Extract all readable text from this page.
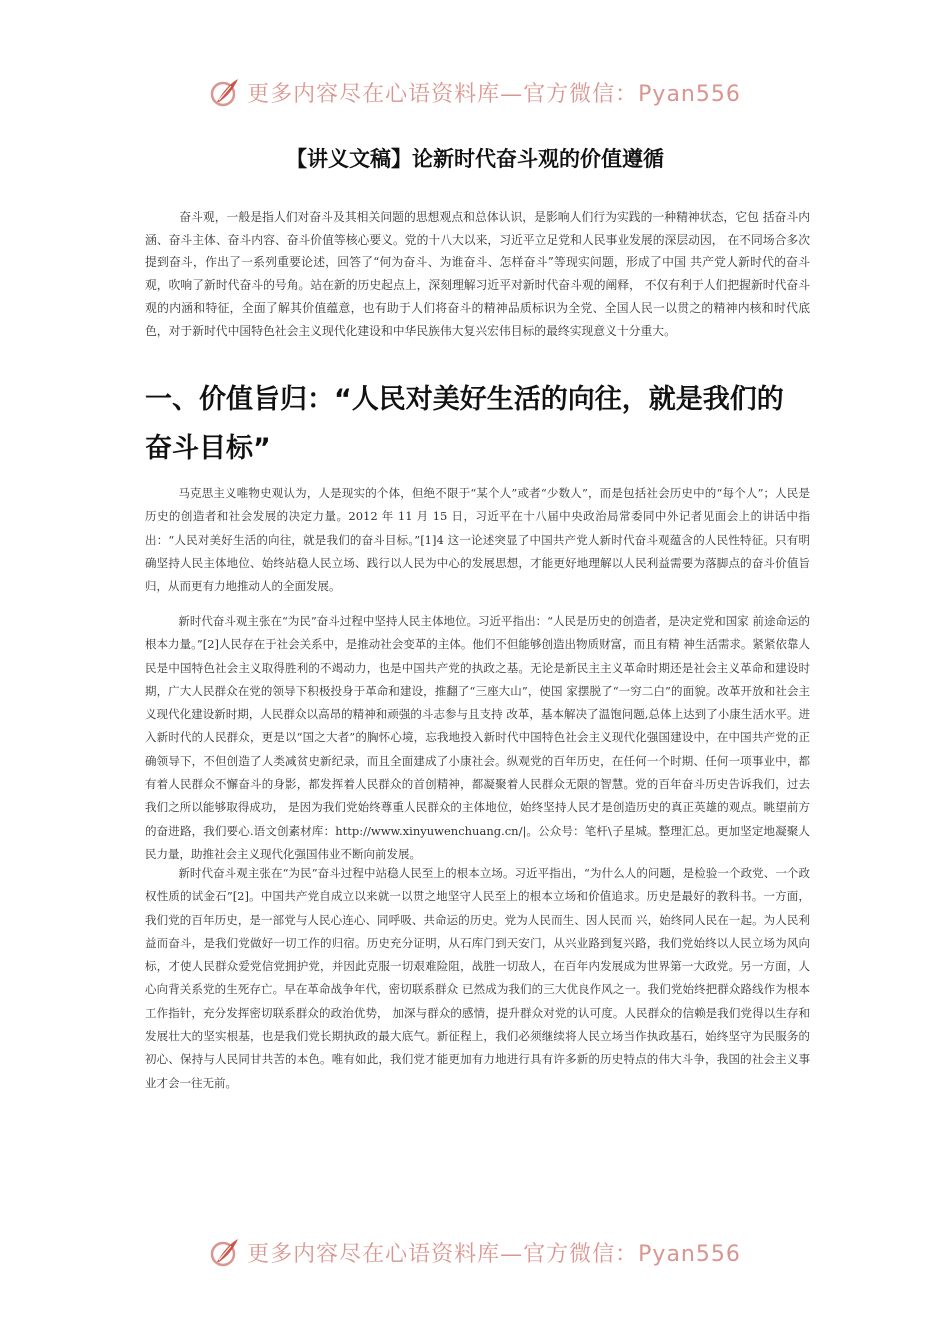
更多内容尽在心语资料库—官方微信：Pyan556
【讲义文稿】论新时代奋斗观的价值遵循

奋斗观，一般是指人们对奋斗及其相关问题的思想观点和总体认识，是影响人们行为实践的一种精神状态，它包 括奋斗内涵、奋斗主体、奋斗内容、奋斗价值等核心要义。党的十八大以来，习近平立足党和人民事业发展的深层动因， 在不同场合多次提到奋斗，作出了一系列重要论述，回答了“何为奋斗、为谁奋斗、怎样奋斗”等现实问题，形成了中国 共产党人新时代的奋斗观，吹响了新时代奋斗的号角。站在新的历史起点上，深刻理解习近平对新时代奋斗观的阐释， 不仅有利于人们把握新时代奋斗观的内涵和特征，全面了解其价值蕴意，也有助于人们将奋斗的精神品质标识为全党、全国人民一以贯之的精神内核和时代底色，对于新时代中国特色社会主义现代化建设和中华民族伟大复兴宏伟目标的最终实现意义十分重大。

一、价值旨归：“人民对美好生活的向往，就是我们的奋斗目标”

马克思主义唯物史观认为，人是现实的个体，但绝不限于“某个人”或者“少数人”，而是包括社会历史中的“每个人”；人民是历史的创造者和社会发展的决定力量。2012 年 11 月 15 日，习近平在十八届中央政治局常委同中外记者见面会上的讲话中指出：“人民对美好生活的向往，就是我们的奋斗目标。”[1]4 这一论述突显了中国共产党人新时代奋斗观蕴含的人民性特征。只有明确坚持人民主体地位、始终站稳人民立场、践行以人民为中心的发展思想，才能更好地理解以人民利益需要为落脚点的奋斗价值旨归，从而更有力地推动人的全面发展。

新时代奋斗观主张在“为民”奋斗过程中坚持人民主体地位。习近平指出：“人民是历史的创造者，是决定党和国家 前途命运的根本力量。”[2]人民存在于社会关系中，是推动社会变革的主体。他们不但能够创造出物质财富，而且有精 神生活需求。紧紧依靠人民是中国特色社会主义取得胜利的不竭动力，也是中国共产党的执政之基。无论是新民主主义革命时期还是社会主义革命和建设时期，广大人民群众在党的领导下积极投身于革命和建设，推翻了“三座大山”，使国 家摆脱了“一穷二白”的面貌。改革开放和社会主义现代化建设新时期，人民群众以高昂的精神和顽强的斗志参与且支持 改革，基本解决了温饱问题,总体上达到了小康生活水平。进入新时代的人民群众，更是以“国之大者”的胸怀心境，忘我地投入新时代中国特色社会主义现代化强国建设中，在中国共产党的正确领导下，不但创造了人类减贫史新纪录，而且全面建成了小康社会。纵观党的百年历史，在任何一个时期、任何一项事业中，都有着人民群众不懈奋斗的身影，都发挥着人民群众的首创精神，都凝聚着人民群众无限的智慧。党的百年奋斗历史告诉我们，过去我们之所以能够取得成功， 是因为我们党始终尊重人民群众的主体地位，始终坚持人民才是创造历史的真正英雄的观点。眺望前方的奋进路，我们要心.语文创素材库：http://www.xinyuwenchuang.cn/|。公众号：笔杆\子星城。整理汇总。更加坚定地凝聚人民力量，助推社会主义现代化强国伟业不断向前发展。

新时代奋斗观主张在“为民”奋斗过程中站稳人民至上的根本立场。习近平指出，“为什么人的问题，是检验一个政党、一个政权性质的试金石”[2]。中国共产党自成立以来就一以贯之地坚守人民至上的根本立场和价值追求。历史是最好的教科书。一方面，我们党的百年历史，是一部党与人民心连心、同呼吸、共命运的历史。党为人民而生、因人民而 兴，始终同人民在一起。为人民利益而奋斗，是我们党做好一切工作的归宿。历史充分证明，从石库门到天安门，从兴业路到复兴路，我们党始终以人民立场为风向标，才使人民群众爱党信党拥护党，并因此克服一切艰难险阻，战胜一切敌人，在百年内发展成为世界第一大政党。另一方面，人心向背关系党的生死存亡。早在革命战争年代，密切联系群众 已然成为我们的三大优良作风之一。我们党始终把群众路线作为根本工作指针，充分发挥密切联系群众的政治优势， 加深与群众的感情，提升群众对党的认可度。人民群众的信赖是我们党得以生存和发展壮大的坚实根基，也是我们党长期执政的最大底气。新征程上，我们必须继续将人民立场当作执政基石，始终坚守为民服务的初心、保持与人民同甘共苦的本色。唯有如此，我们党才能更加有力地进行具有许多新的历史特点的伟大斗争，我国的社会主义事业才会一往无前。

更多内容尽在心语资料库—官方微信：Pyan556
